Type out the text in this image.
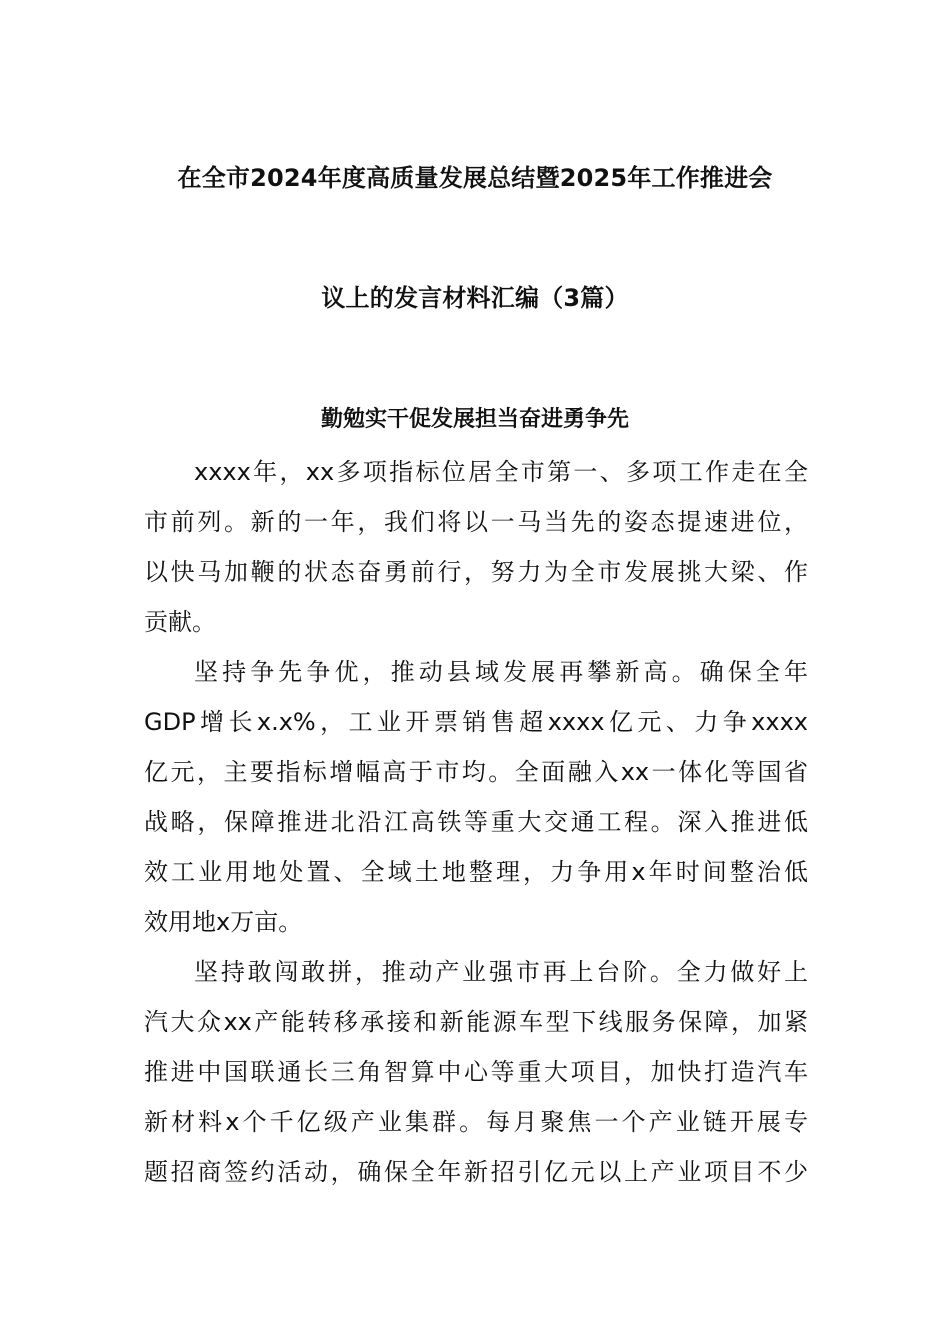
在全市2024年度高质量发展总结暨2025年工作推进会
议上的发言材料汇编（3篇）
勤勉实干促发展担当奋进勇争先
xxxx年，xx多项指标位居全市第一、多项工作走在全
市前列。新的一年，我们将以一马当先的姿态提速进位，
以快马加鞭的状态奋勇前行，努力为全市发展挑大梁、作
贡献。
坚持争先争优，推动县域发展再攀新高。确保全年
GDP增长x.x%，工业开票销售超xxxx亿元、力争xxxx
亿元，主要指标增幅高于市均。全面融入xx一体化等国省
战略，保障推进北沿江高铁等重大交通工程。深入推进低
效工业用地处置、全域土地整理，力争用x年时间整治低
效用地x万亩。
坚持敢闯敢拼，推动产业强市再上台阶。全力做好上
汽大众xx产能转移承接和新能源车型下线服务保障，加紧
推进中国联通长三角智算中心等重大项目，加快打造汽车
新材料x个千亿级产业集群。每月聚焦一个产业链开展专
题招商签约活动，确保全年新招引亿元以上产业项目不少
